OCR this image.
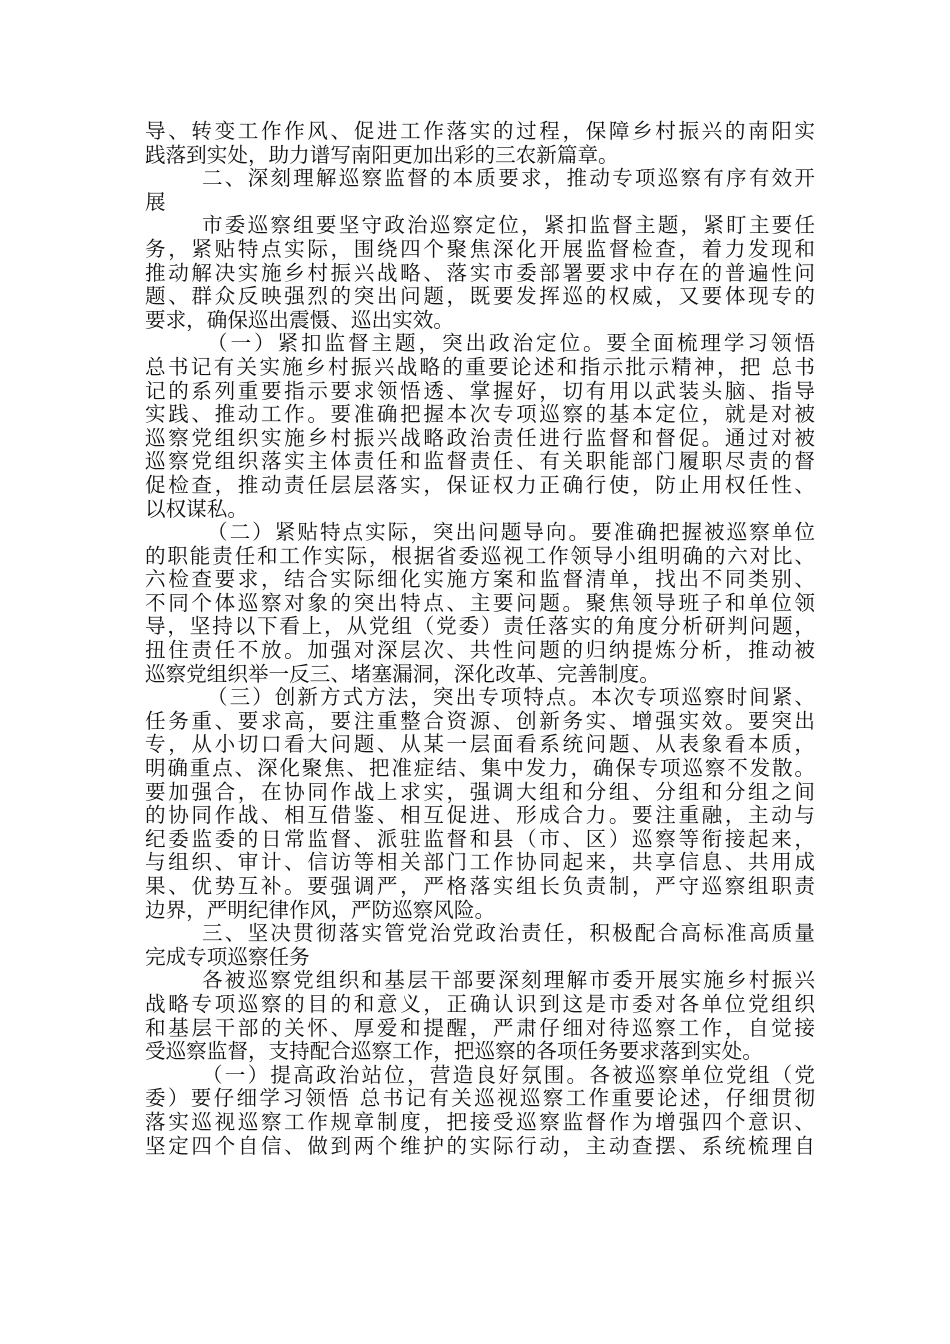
导、转变工作作风、促进工作落实的过程，保障乡村振兴的南阳实
践落到实处，助力谱写南阳更加出彩的三农新篇章。
二、深刻理解巡察监督的本质要求，推动专项巡察有序有效开
展
市委巡察组要坚守政治巡察定位，紧扣监督主题，紧盯主要任
务，紧贴特点实际，围绕四个聚焦深化开展监督检查，着力发现和
推动解决实施乡村振兴战略、落实市委部署要求中存在的普遍性问
题、群众反映强烈的突出问题，既要发挥巡的权威，又要体现专的
要求，确保巡出震慑、巡出实效。
（一）紧扣监督主题，突出政治定位。要全面梳理学习领悟
总书记有关实施乡村振兴战略的重要论述和指示批示精神，把 总书
记的系列重要指示要求领悟透、掌握好，切有用以武装头脑、指导
实践、推动工作。要准确把握本次专项巡察的基本定位，就是对被
巡察党组织实施乡村振兴战略政治责任进行监督和督促。通过对被
巡察党组织落实主体责任和监督责任、有关职能部门履职尽责的督
促检查，推动责任层层落实，保证权力正确行使，防止用权任性、
以权谋私。
（二）紧贴特点实际，突出问题导向。要准确把握被巡察单位
的职能责任和工作实际，根据省委巡视工作领导小组明确的六对比、
六检查要求，结合实际细化实施方案和监督清单，找出不同类别、
不同个体巡察对象的突出特点、主要问题。聚焦领导班子和单位领
导，坚持以下看上，从党组（党委）责任落实的角度分析研判问题，
扭住责任不放。加强对深层次、共性问题的归纳提炼分析，推动被
巡察党组织举一反三、堵塞漏洞，深化改革、完善制度。
（三）创新方式方法，突出专项特点。本次专项巡察时间紧、
任务重、要求高，要注重整合资源、创新务实、增强实效。要突出
专，从小切口看大问题、从某一层面看系统问题、从表象看本质，
明确重点、深化聚焦、把准症结、集中发力，确保专项巡察不发散。
要加强合，在协同作战上求实，强调大组和分组、分组和分组之间
的协同作战、相互借鉴、相互促进、形成合力。要注重融，主动与
纪委监委的日常监督、派驻监督和县（市、区）巡察等衔接起来，
与组织、审计、信访等相关部门工作协同起来，共享信息、共用成
果、优势互补。要强调严，严格落实组长负责制，严守巡察组职责
边界，严明纪律作风，严防巡察风险。
三、坚决贯彻落实管党治党政治责任，积极配合高标准高质量
完成专项巡察任务
各被巡察党组织和基层干部要深刻理解市委开展实施乡村振兴
战略专项巡察的目的和意义，正确认识到这是市委对各单位党组织
和基层干部的关怀、厚爱和提醒，严肃仔细对待巡察工作，自觉接
受巡察监督，支持配合巡察工作，把巡察的各项任务要求落到实处。
（一）提高政治站位，营造良好氛围。各被巡察单位党组（党
委）要仔细学习领悟 总书记有关巡视巡察工作重要论述，仔细贯彻
落实巡视巡察工作规章制度，把接受巡察监督作为增强四个意识、
坚定四个自信、做到两个维护的实际行动，主动查摆、系统梳理自
